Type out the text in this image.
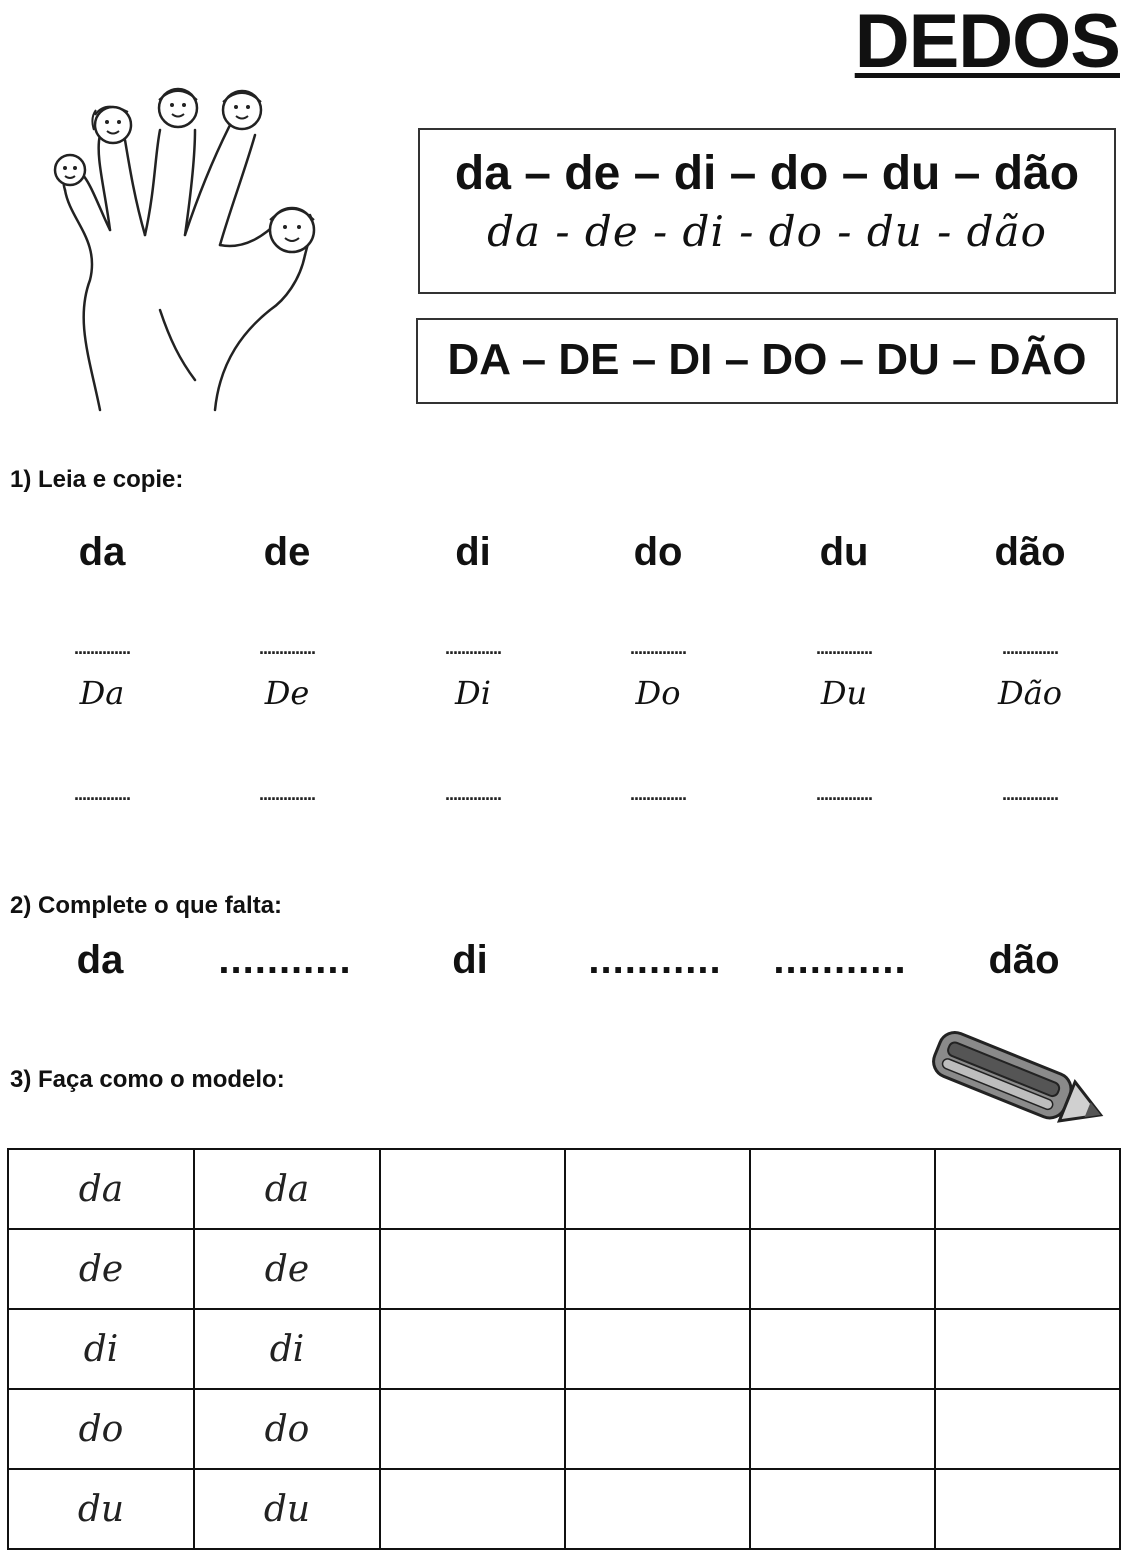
DEDOS
da – de – di – do – du – dão
da - de - di - do - du - dão
DA – DE – DI – DO – DU – DÃO
1) Leia e copie:
da	de	di	do	du	dão
..............	..............	..............	..............	..............	..............
Da	De	Di	Do	Du	Dão
..............	..............	..............	..............	..............	..............
2) Complete o que falta:
da	...........	di	...........	...........	dão
3) Faça como o modelo:
da	da				
de	de				
di	di				
do	do				
du	du				
